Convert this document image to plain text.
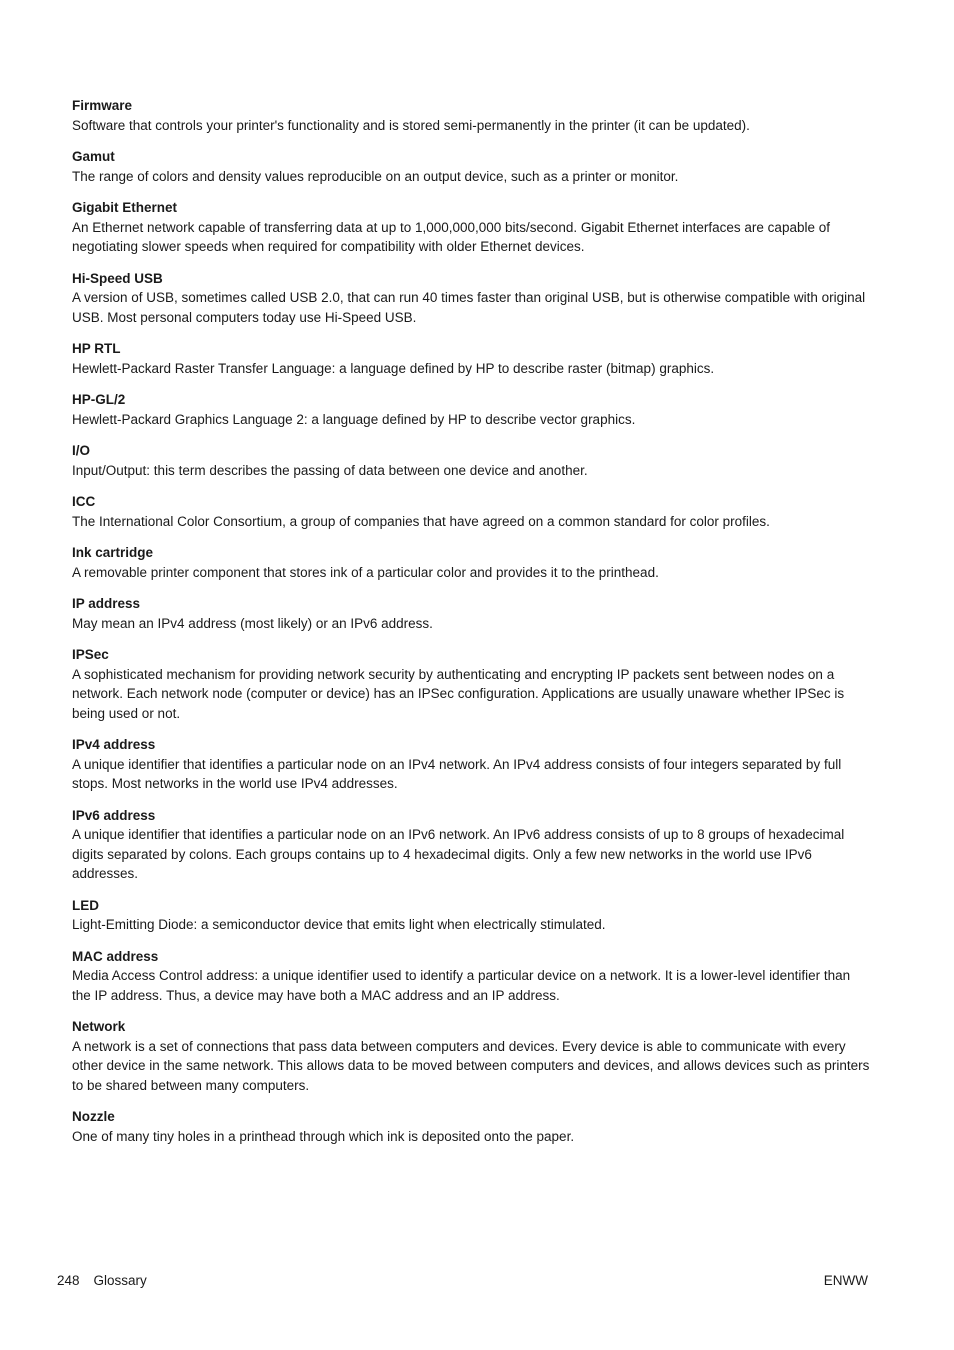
Firmware
Software that controls your printer's functionality and is stored semi-permanently in the printer (it can be updated).
Gamut
The range of colors and density values reproducible on an output device, such as a printer or monitor.
Gigabit Ethernet
An Ethernet network capable of transferring data at up to 1,000,000,000 bits/second. Gigabit Ethernet interfaces are capable of negotiating slower speeds when required for compatibility with older Ethernet devices.
Hi-Speed USB
A version of USB, sometimes called USB 2.0, that can run 40 times faster than original USB, but is otherwise compatible with original USB. Most personal computers today use Hi-Speed USB.
HP RTL
Hewlett-Packard Raster Transfer Language: a language defined by HP to describe raster (bitmap) graphics.
HP-GL/2
Hewlett-Packard Graphics Language 2: a language defined by HP to describe vector graphics.
I/O
Input/Output: this term describes the passing of data between one device and another.
ICC
The International Color Consortium, a group of companies that have agreed on a common standard for color profiles.
Ink cartridge
A removable printer component that stores ink of a particular color and provides it to the printhead.
IP address
May mean an IPv4 address (most likely) or an IPv6 address.
IPSec
A sophisticated mechanism for providing network security by authenticating and encrypting IP packets sent between nodes on a network. Each network node (computer or device) has an IPSec configuration. Applications are usually unaware whether IPSec is being used or not.
IPv4 address
A unique identifier that identifies a particular node on an IPv4 network. An IPv4 address consists of four integers separated by full stops. Most networks in the world use IPv4 addresses.
IPv6 address
A unique identifier that identifies a particular node on an IPv6 network. An IPv6 address consists of up to 8 groups of hexadecimal digits separated by colons. Each groups contains up to 4 hexadecimal digits. Only a few new networks in the world use IPv6 addresses.
LED
Light-Emitting Diode: a semiconductor device that emits light when electrically stimulated.
MAC address
Media Access Control address: a unique identifier used to identify a particular device on a network. It is a lower-level identifier than the IP address. Thus, a device may have both a MAC address and an IP address.
Network
A network is a set of connections that pass data between computers and devices. Every device is able to communicate with every other device in the same network. This allows data to be moved between computers and devices, and allows devices such as printers to be shared between many computers.
Nozzle
One of many tiny holes in a printhead through which ink is deposited onto the paper.
248 Glossary	ENWW
